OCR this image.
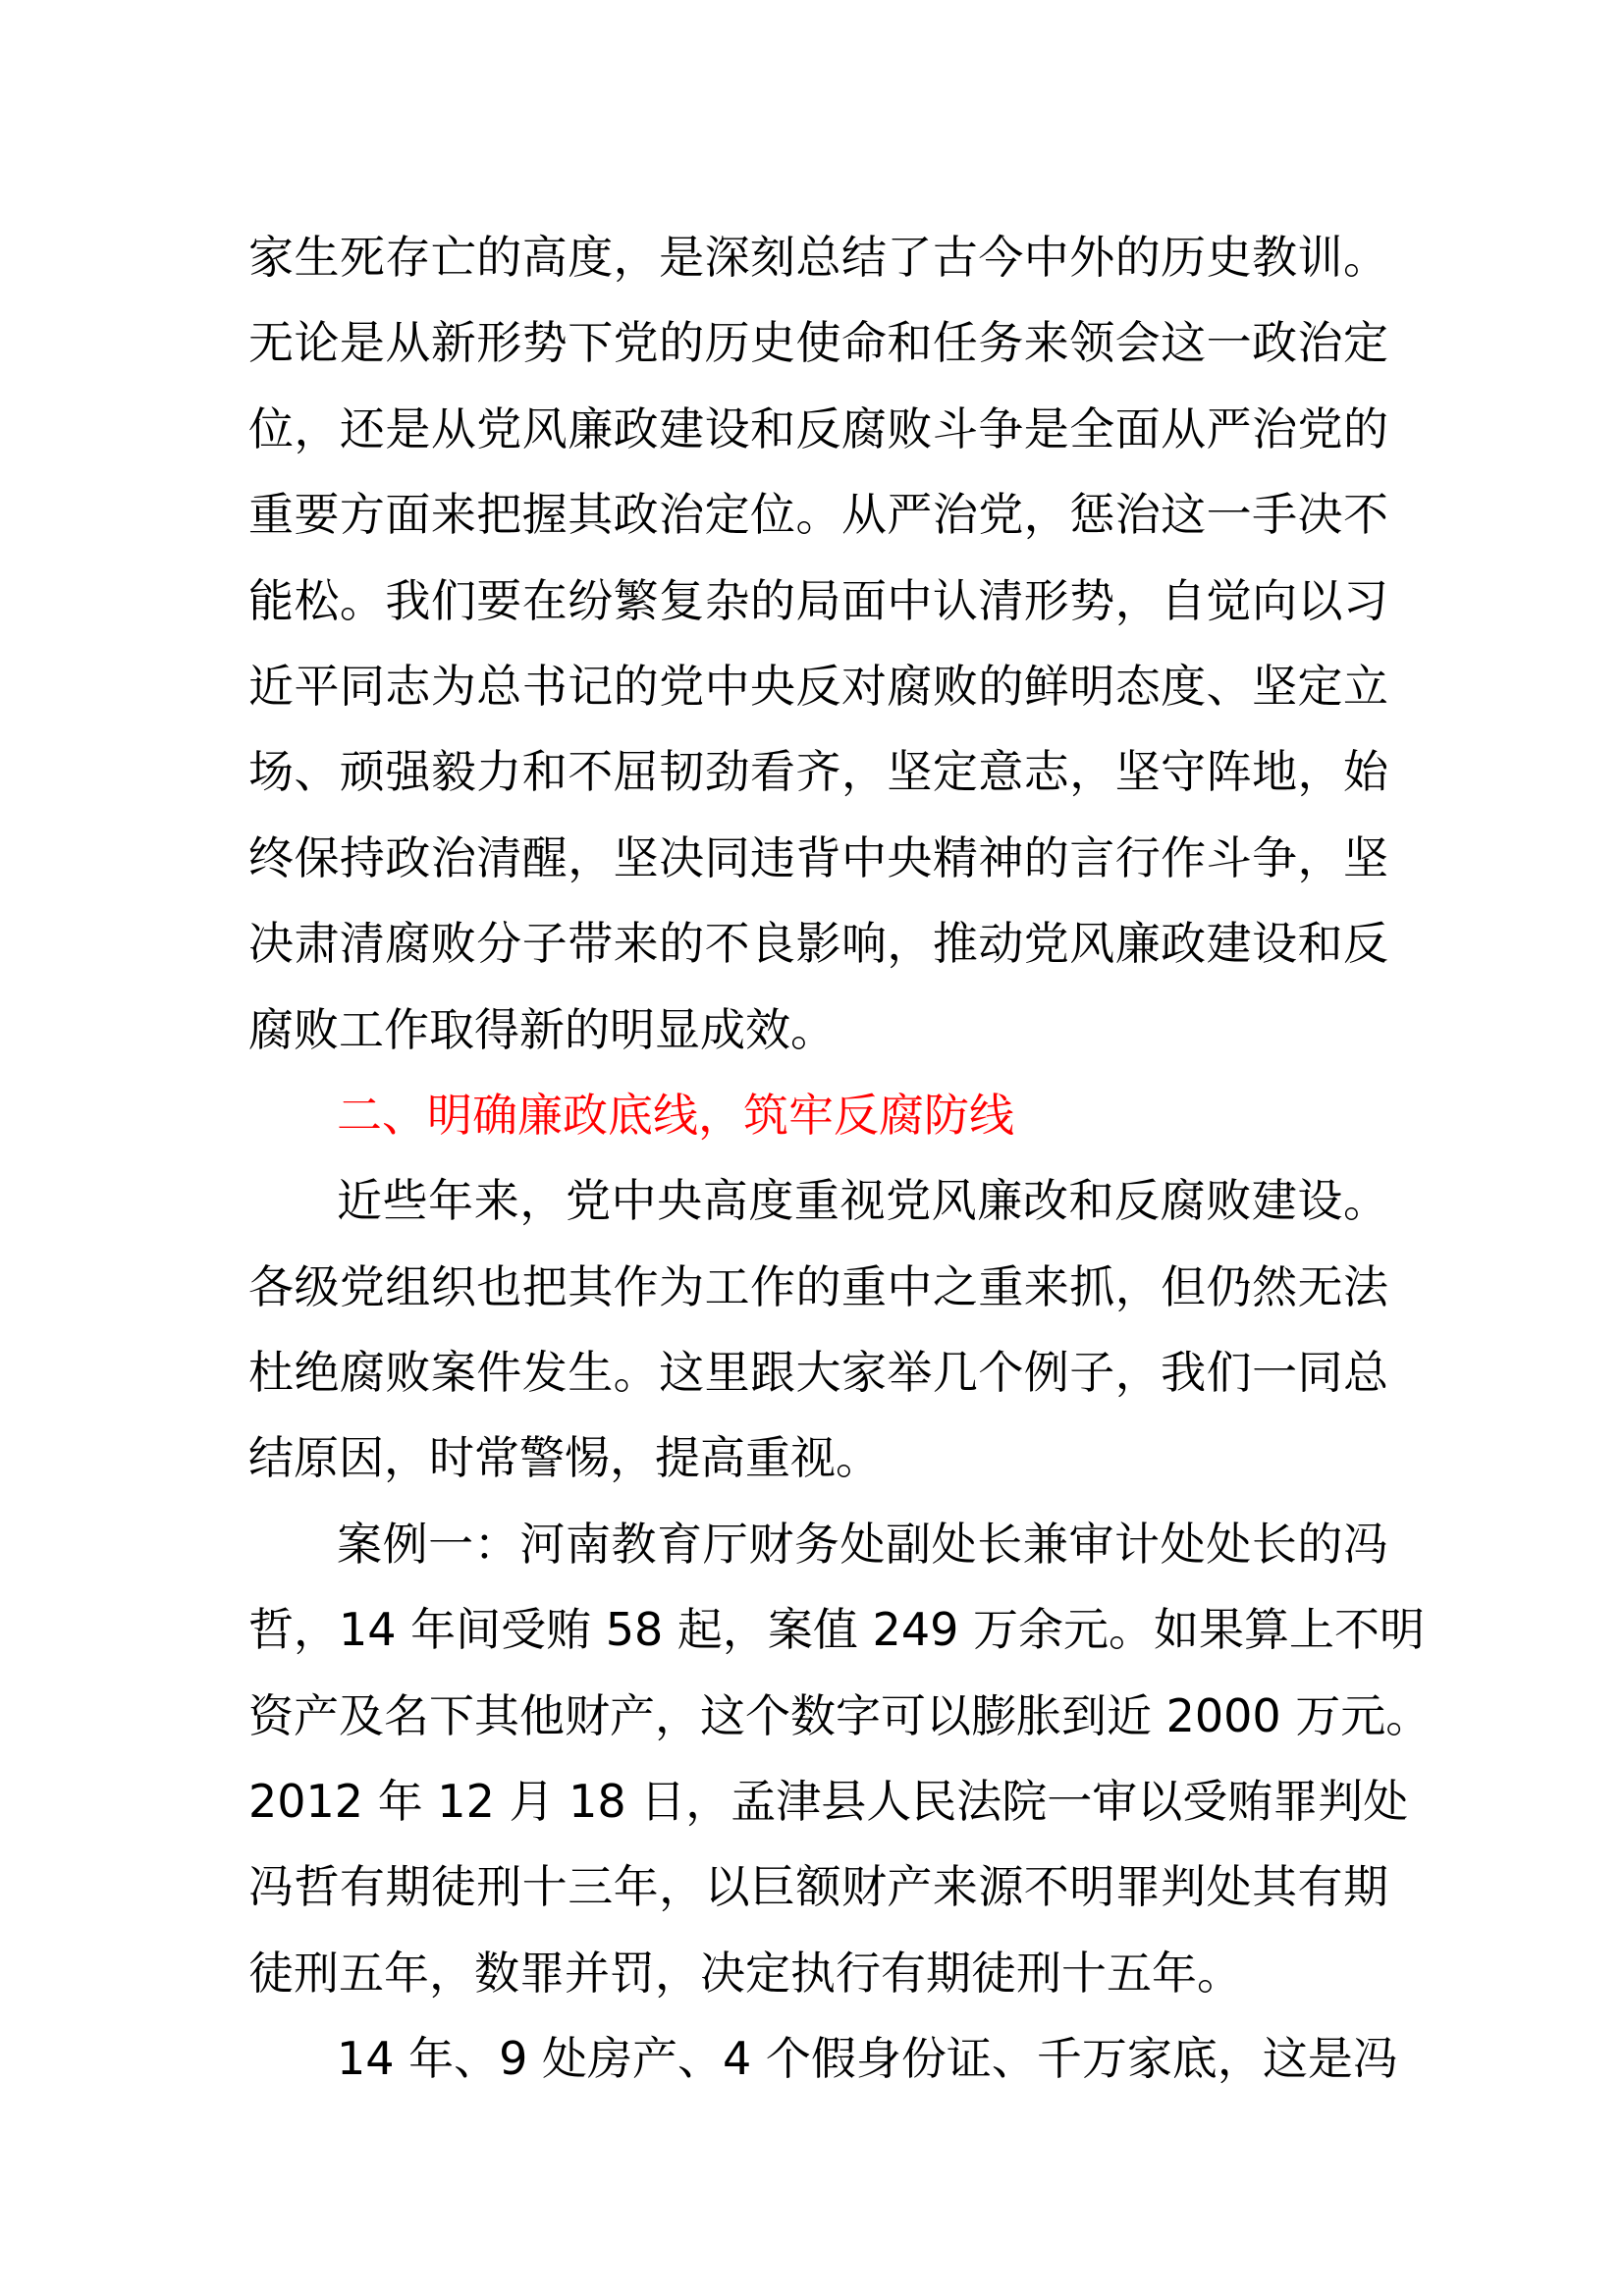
家生死存亡的高度，是深刻总结了古今中外的历史教训。
无论是从新形势下党的历史使命和任务来领会这一政治定
位，还是从党风廉政建设和反腐败斗争是全面从严治党的
重要方面来把握其政治定位。从严治党，惩治这一手决不
能松。我们要在纷繁复杂的局面中认清形势，自觉向以习
近平同志为总书记的党中央反对腐败的鲜明态度、坚定立
场、顽强毅力和不屈韧劲看齐，坚定意志，坚守阵地，始
终保持政治清醒，坚决同违背中央精神的言行作斗争，坚
决肃清腐败分子带来的不良影响，推动党风廉政建设和反
腐败工作取得新的明显成效。
二、明确廉政底线，筑牢反腐防线
近些年来，党中央高度重视党风廉改和反腐败建设。
各级党组织也把其作为工作的重中之重来抓，但仍然无法
杜绝腐败案件发生。这里跟大家举几个例子，我们一同总
结原因，时常警惕，提高重视。
案例一：河南教育厅财务处副处长兼审计处处长的冯
哲，14 年间受贿 58 起，案值 249 万余元。如果算上不明
资产及名下其他财产，这个数字可以膨胀到近 2000 万元。
2012 年 12 月 18 日，孟津县人民法院一审以受贿罪判处
冯哲有期徒刑十三年，以巨额财产来源不明罪判处其有期
徒刑五年，数罪并罚，决定执行有期徒刑十五年。
14 年、9 处房产、4 个假身份证、千万家底，这是冯
